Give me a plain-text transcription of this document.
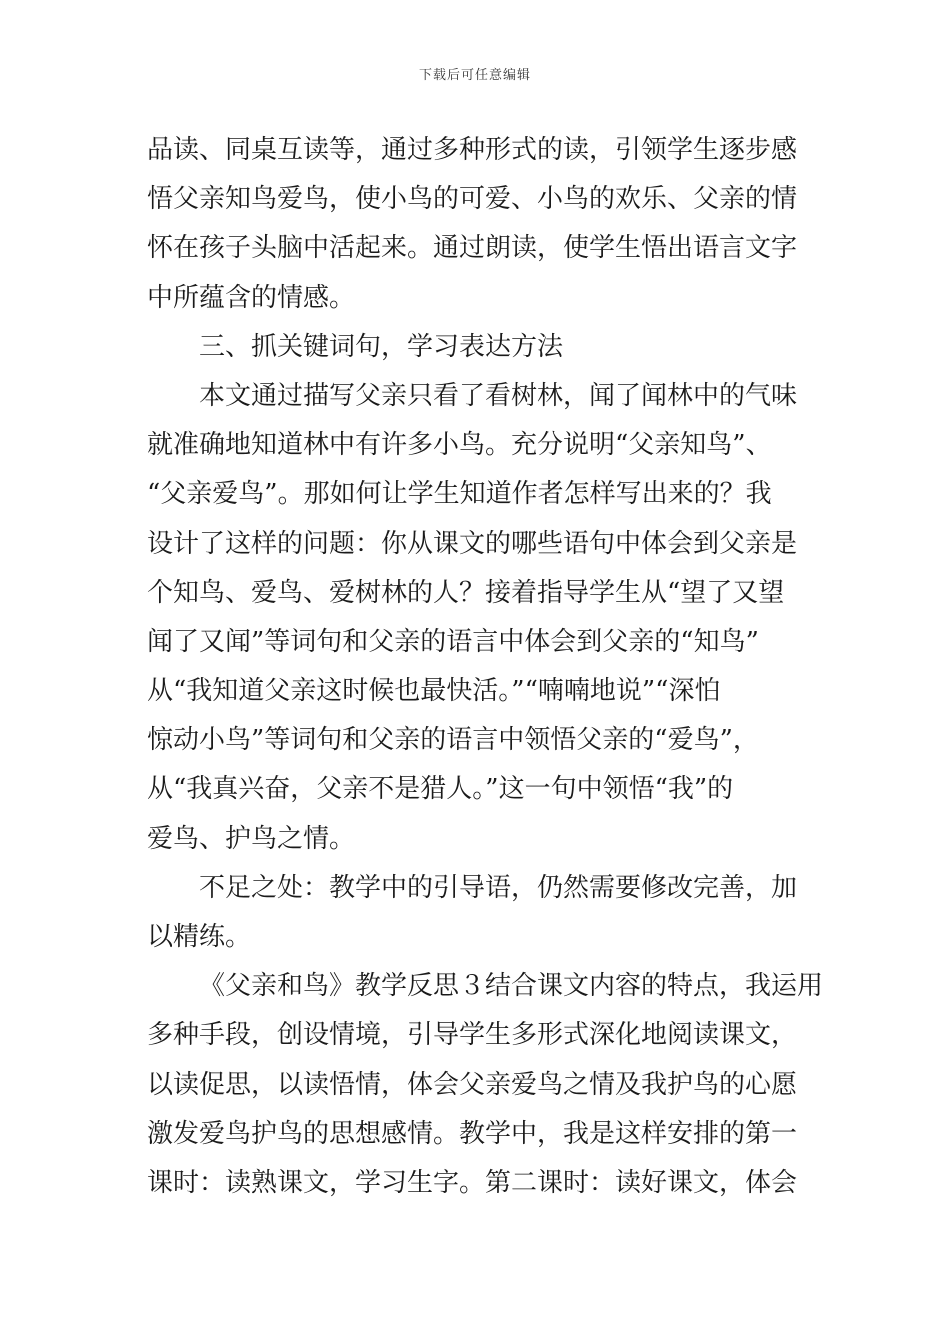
下载后可任意编辑
品读、同桌互读等，通过多种形式的读，引领学生逐步感
悟父亲知鸟爱鸟，使小鸟的可爱、小鸟的欢乐、父亲的情
怀在孩子头脑中活起来。通过朗读，使学生悟出语言文字
中所蕴含的情感。
三、抓关键词句，学习表达方法
本文通过描写父亲只看了看树林，闻了闻林中的气味
就准确地知道林中有许多小鸟。充分说明“父亲知鸟”、
“父亲爱鸟”。那如何让学生知道作者怎样写出来的？我
设计了这样的问题：你从课文的哪些语句中体会到父亲是
个知鸟、爱鸟、爱树林的人？接着指导学生从“望了又望
闻了又闻”等词句和父亲的语言中体会到父亲的“知鸟”
从“我知道父亲这时候也最快活。”“喃喃地说”“深怕
惊动小鸟”等词句和父亲的语言中领悟父亲的“爱鸟”，
从“我真兴奋，父亲不是猎人。”这一句中领悟“我”的
爱鸟、护鸟之情。
不足之处：教学中的引导语，仍然需要修改完善，加
以精练。
《父亲和鸟》教学反思３结合课文内容的特点，我运用
多种手段，创设情境，引导学生多形式深化地阅读课文，
以读促思，以读悟情，体会父亲爱鸟之情及我护鸟的心愿
激发爱鸟护鸟的思想感情。教学中，我是这样安排的第一
课时：读熟课文，学习生字。第二课时：读好课文，体会
